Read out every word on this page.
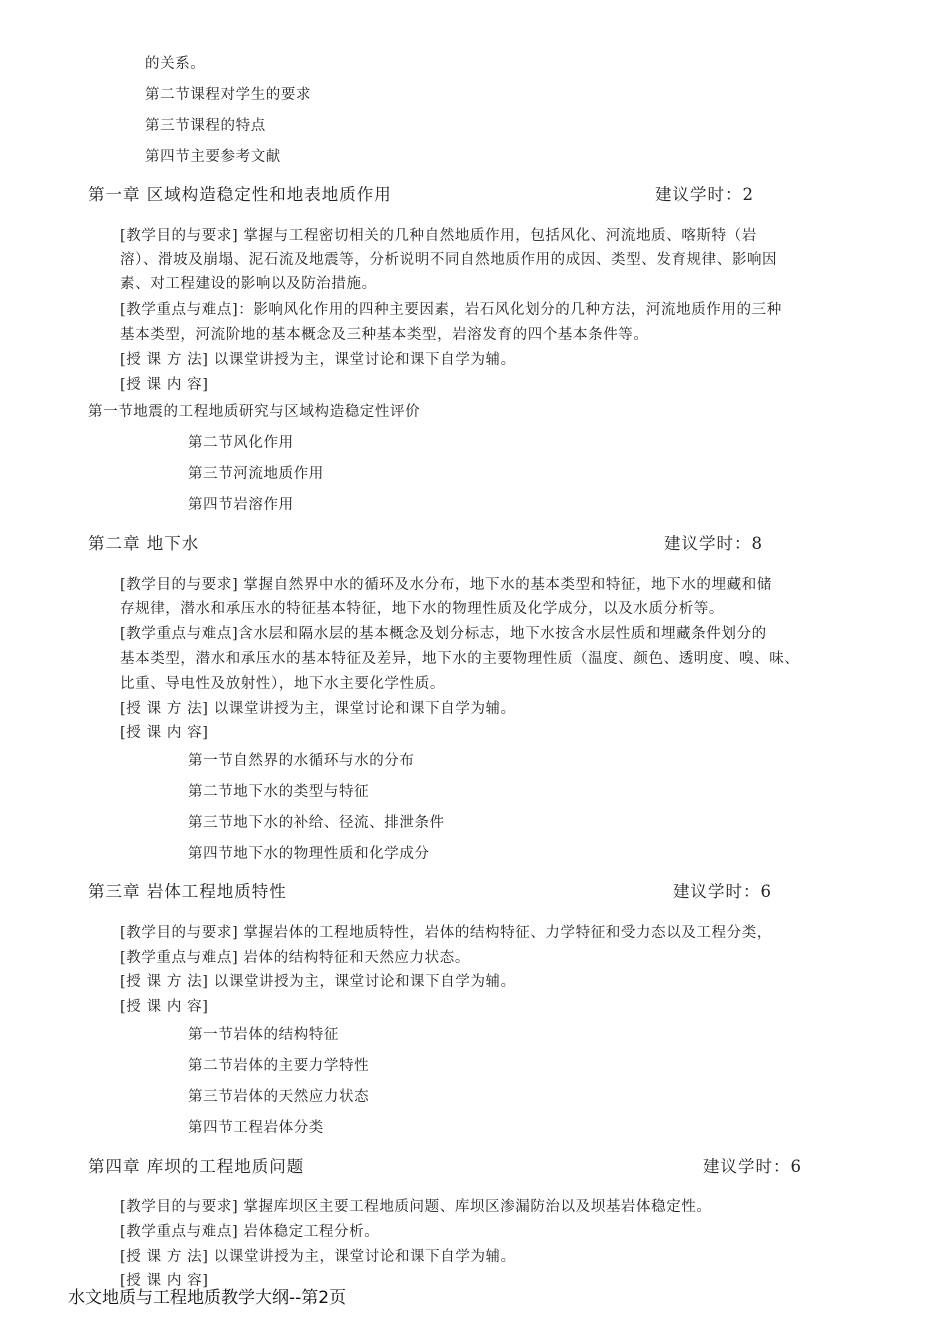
的关系。
第二节课程对学生的要求
第三节课程的特点
第四节主要参考文献
第一章 区域构造稳定性和地表地质作用	建议学时：2
[教学目的与要求] 掌握与工程密切相关的几种自然地质作用，包括风化、河流地质、喀斯特（岩
溶）、滑坡及崩塌、泥石流及地震等，分析说明不同自然地质作用的成因、类型、发育规律、影响因
素、对工程建设的影响以及防治措施。
[教学重点与难点]：影响风化作用的四种主要因素，岩石风化划分的几种方法，河流地质作用的三种
基本类型，河流阶地的基本概念及三种基本类型，岩溶发育的四个基本条件等。
[授 课 方 法] 以课堂讲授为主，课堂讨论和课下自学为辅。
[授 课 内 容]
第一节地震的工程地质研究与区域构造稳定性评价
第二节风化作用
第三节河流地质作用
第四节岩溶作用
第二章 地下水	建议学时：8
[教学目的与要求] 掌握自然界中水的循环及水分布，地下水的基本类型和特征，地下水的埋藏和储
存规律，潜水和承压水的特征基本特征，地下水的物理性质及化学成分，以及水质分析等。
[教学重点与难点]含水层和隔水层的基本概念及划分标志，地下水按含水层性质和埋藏条件划分的
基本类型，潜水和承压水的基本特征及差异，地下水的主要物理性质（温度、颜色、透明度、嗅、味、
比重、导电性及放射性），地下水主要化学性质。
[授 课 方 法] 以课堂讲授为主，课堂讨论和课下自学为辅。
[授 课 内 容]
第一节自然界的水循环与水的分布
第二节地下水的类型与特征
第三节地下水的补给、径流、排泄条件
第四节地下水的物理性质和化学成分
第三章 岩体工程地质特性	建议学时：6
[教学目的与要求] 掌握岩体的工程地质特性，岩体的结构特征、力学特征和受力态以及工程分类，
[教学重点与难点] 岩体的结构特征和天然应力状态。
[授 课 方 法] 以课堂讲授为主，课堂讨论和课下自学为辅。
[授 课 内 容]
第一节岩体的结构特征
第二节岩体的主要力学特性
第三节岩体的天然应力状态
第四节工程岩体分类
第四章 库坝的工程地质问题	建议学时：6
[教学目的与要求] 掌握库坝区主要工程地质问题、库坝区渗漏防治以及坝基岩体稳定性。
[教学重点与难点] 岩体稳定工程分析。
[授 课 方 法] 以课堂讲授为主，课堂讨论和课下自学为辅。
[授 课 内 容]
水文地质与工程地质教学大纲--第2页
